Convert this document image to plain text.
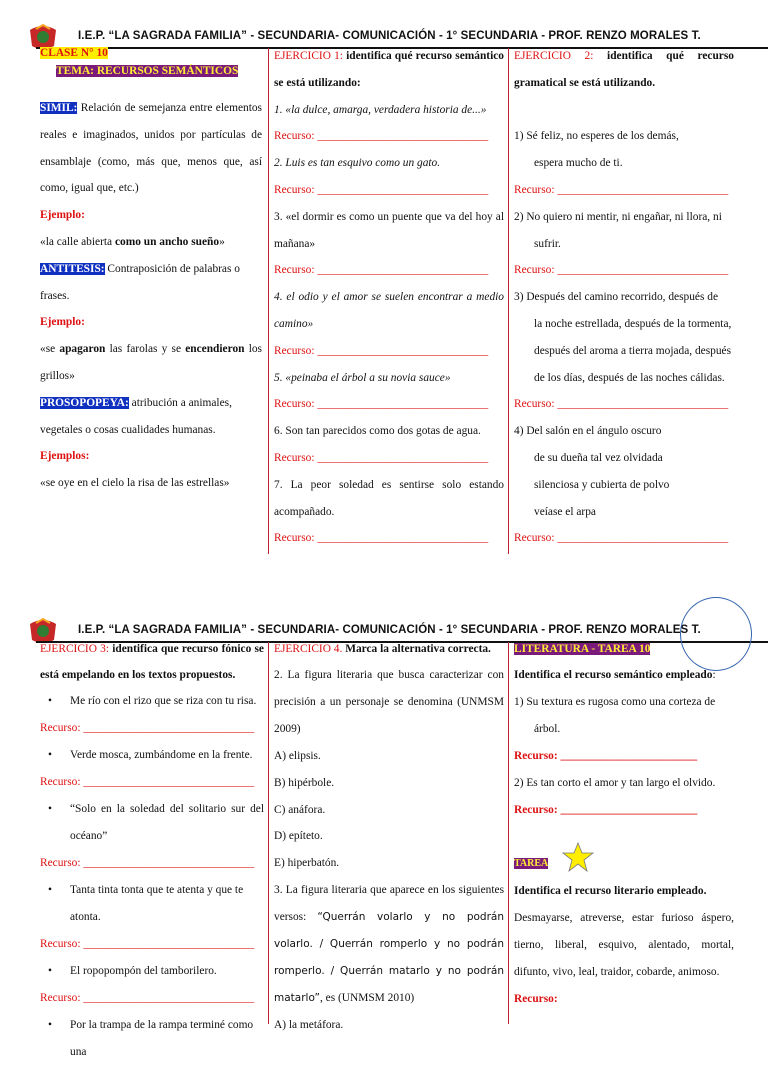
I.E.P. “LA SAGRADA FAMILIA” - SECUNDARIA- COMUNICACIÓN - 1° SECUNDARIA - PROF. RENZO MORALES T.

CLASE N° 10

TEMA: RECURSOS SEMÁNTICOS

SIMIL: Relación de semejanza entre elementos reales e imaginados, unidos por partículas de ensamblaje (como, más que, menos que, así como, igual que, etc.)

Ejemplo:

«la calle abierta como un ancho sueño»

ANTITESIS: Contraposición de palabras o frases.

Ejemplo:

«se apagaron las farolas y se encendieron los grillos»

PROSOPOPEYA: atribución a animales, vegetales o cosas cualidades humanas.

Ejemplos:

«se oye en el cielo la risa de las estrellas»

EJERCICIO 1: identifica qué recurso semántico se está utilizando:

1. «la dulce, amarga, verdadera historia de...»

Recurso: ______________________________

2. Luis es tan esquivo como un gato.

Recurso: ______________________________

3. «el dormir es como un puente que va del hoy al mañana»

Recurso: ______________________________

4. el odio y el amor se suelen encontrar a medio camino»

Recurso: ______________________________

5. «peinaba el árbol a su novia sauce»

Recurso: ______________________________

6. Son tan parecidos como dos gotas de agua.

Recurso: ______________________________

7. La peor soledad es sentirse solo estando acompañado.

Recurso: ______________________________

EJERCICIO 2: identifica qué recurso gramatical se está utilizando.

1) Sé feliz, no esperes de los demás,

espera mucho de ti.

Recurso: ______________________________

2) No quiero ni mentir, ni engañar, ni llora, ni

sufrir.

Recurso: ______________________________

3) Después del camino recorrido, después de

la noche estrellada, después de la tormenta,

después del aroma a tierra mojada, después

de los días, después de las noches cálidas.

Recurso: ______________________________

4) Del salón en el ángulo oscuro

de su dueña tal vez olvidada

silenciosa y cubierta de polvo

veíase el arpa

Recurso: ______________________________

I.E.P. “LA SAGRADA FAMILIA” - SECUNDARIA- COMUNICACIÓN - 1° SECUNDARIA - PROF. RENZO MORALES T.

EJERCICIO 3: identifica que recurso fónico se está empelando en los textos propuestos.

• Me río con el rizo que se riza con tu risa.

Recurso: ______________________________

• Verde mosca, zumbándome en la frente.

Recurso: ______________________________

• “Solo en la soledad del solitario sur del océano”

Recurso: ______________________________

• Tanta tinta tonta que te atenta y que te atonta.

Recurso: ______________________________

• El ropopompón del tamborilero.

Recurso: ______________________________

• Por la trampa de la rampa terminé como una

EJERCICIO 4. Marca la alternativa correcta.

2. La figura literaria que busca caracterizar con precisión a un personaje se denomina (UNMSM 2009)

A) elipsis.

B) hipérbole.

C) anáfora.

D) epíteto.

E) hiperbatón.

3. La figura literaria que aparece en los siguientes versos: “Querrán volarlo y no podrán volarlo. / Querrán romperlo y no podrán romperlo. / Querrán matarlo y no podrán matarlo”, es (UNMSM 2010)

A) la metáfora.

LITERATURA - TAREA 10

Identifica el recurso semántico empleado:

1) Su textura es rugosa como una corteza de

árbol.

Recurso: ________________________

2) Es tan corto el amor y tan largo el olvido.

Recurso: ________________________

TAREA

Identifica el recurso literario empleado.

Desmayarse, atreverse, estar furioso áspero, tierno, liberal, esquivo, alentado, mortal, difunto, vivo, leal, traidor, cobarde, animoso.

Recurso:
